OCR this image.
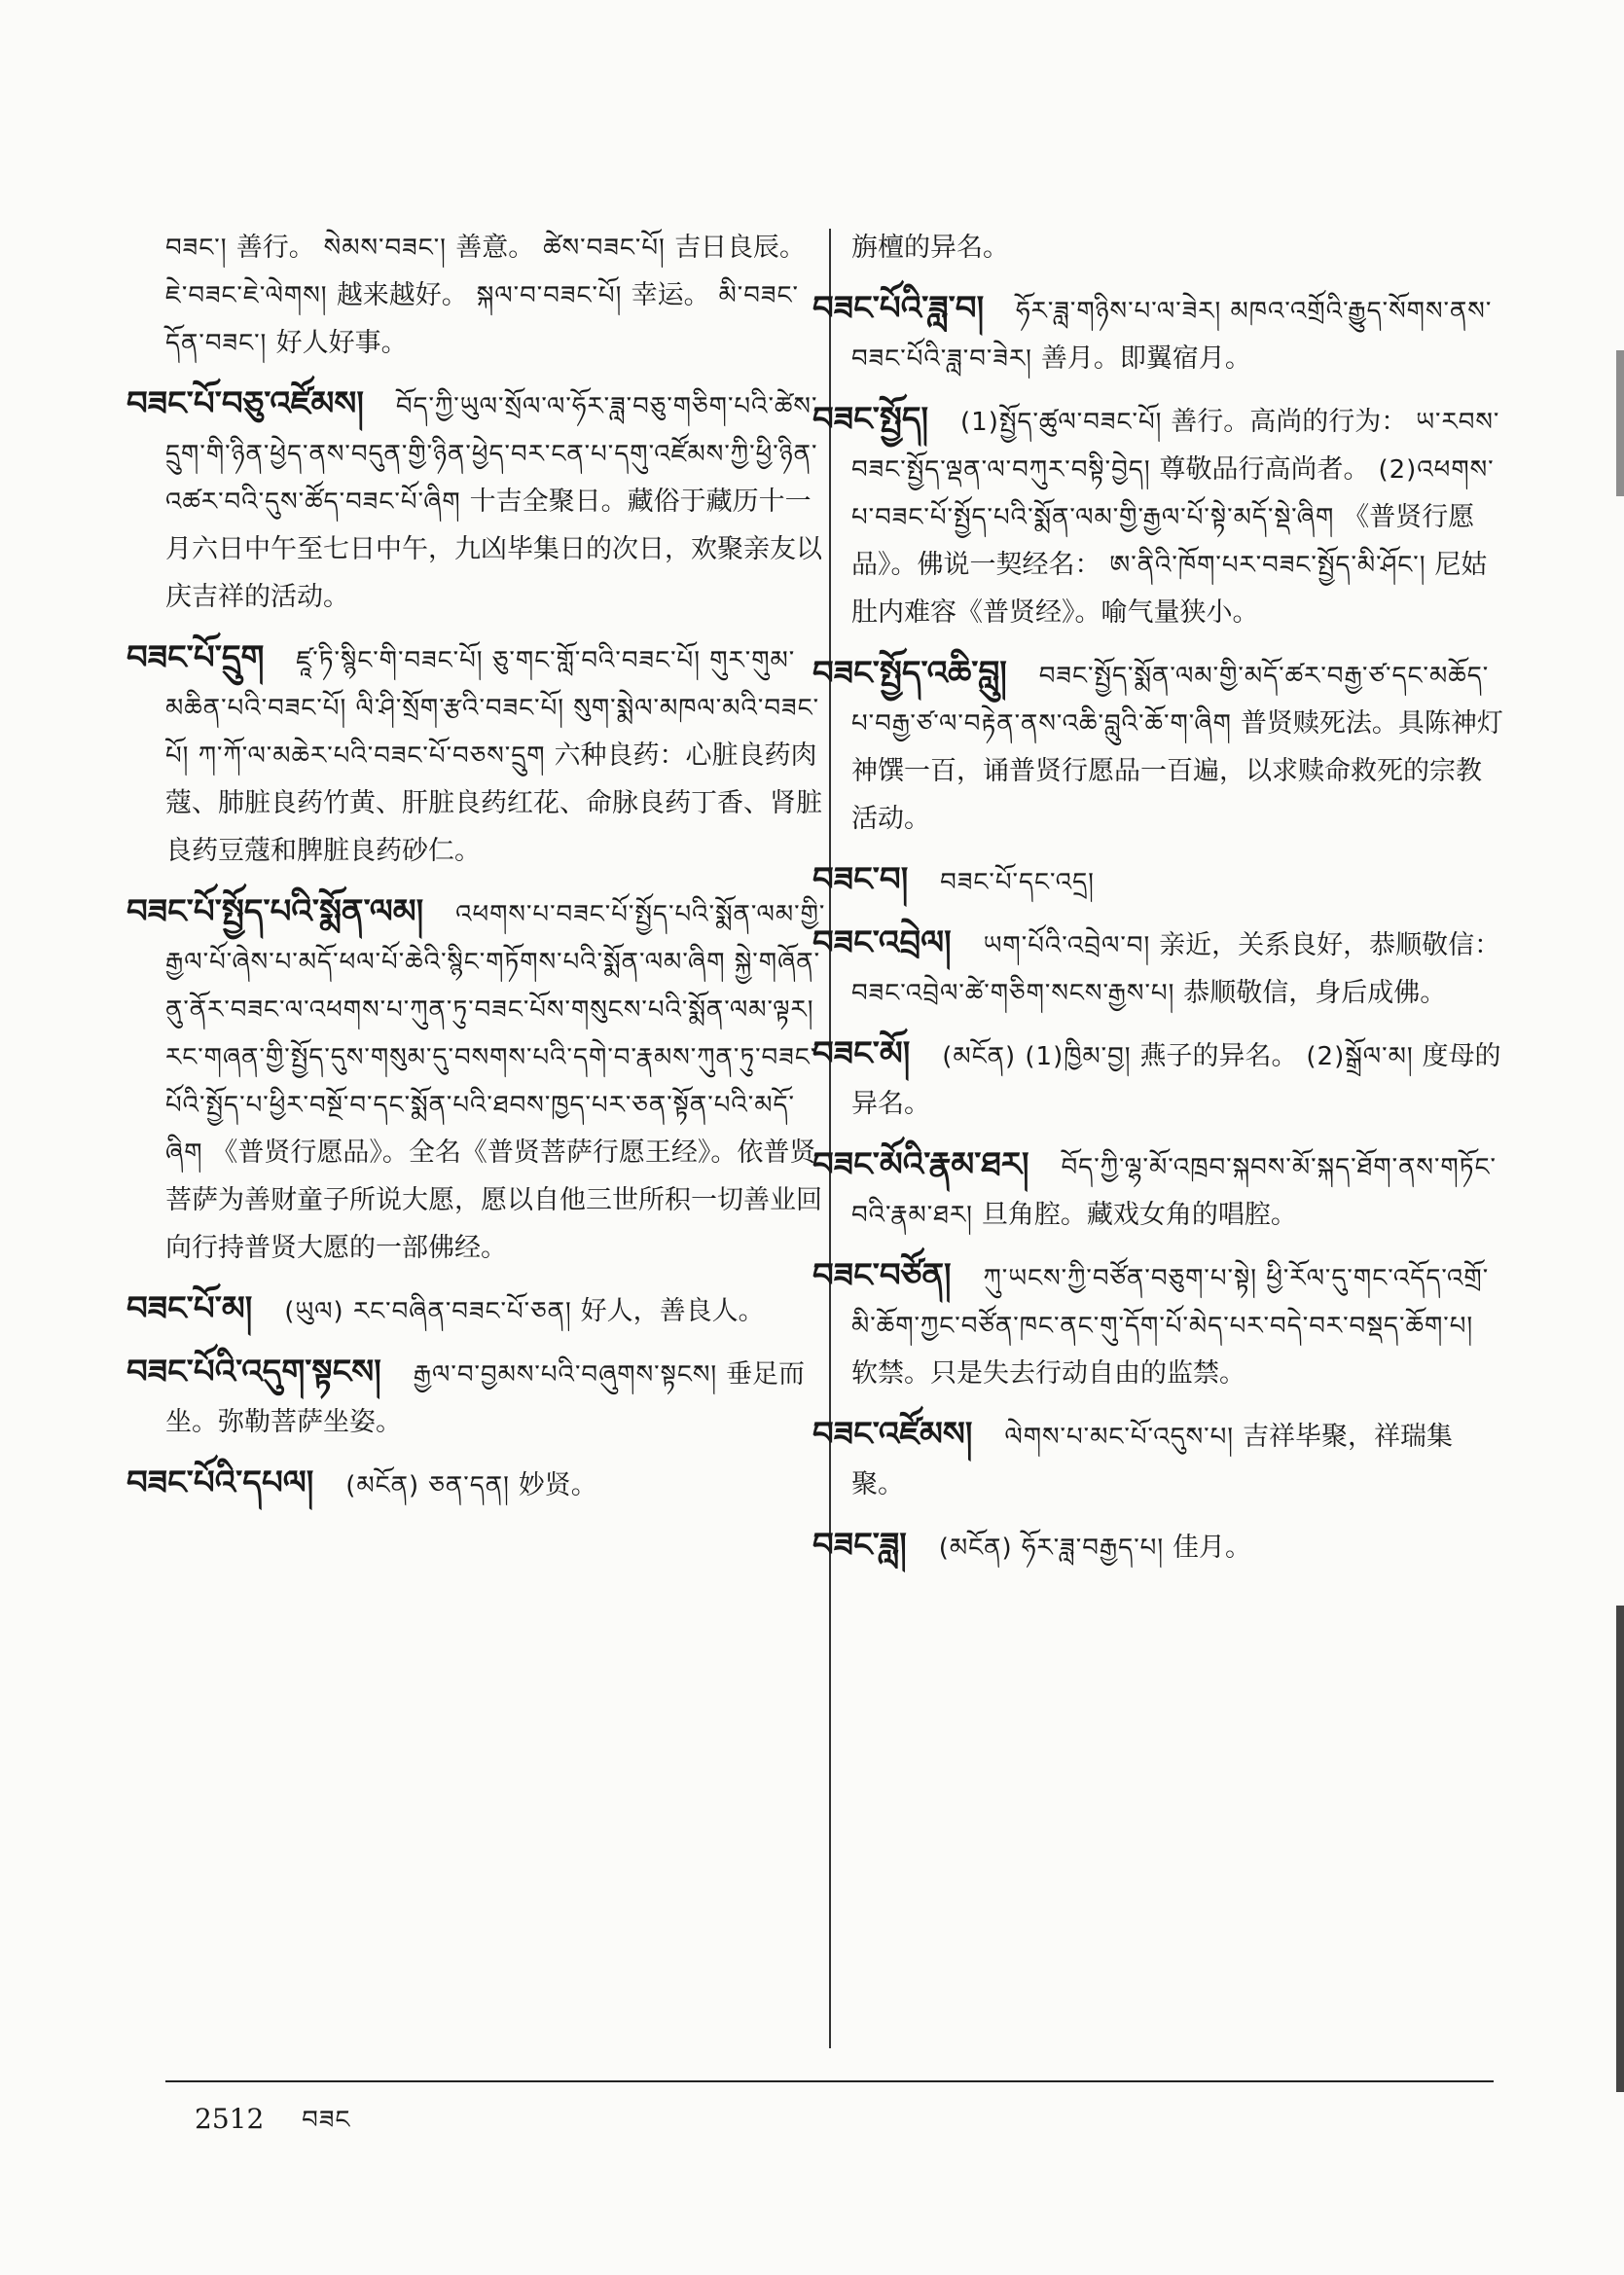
བཟང་། 善行。 སེམས་བཟང་། 善意。 ཚེས་བཟང་པོ། 吉日良辰。 ཇེ་བཟང་ཇེ་ལེགས། 越来越好。 སྐལ་བ་བཟང་པོ། 幸运。 མི་བཟང་དོན་བཟང་། 好人好事。
བཟང་པོ་བཅུ་འཛོམས། བོད་ཀྱི་ཡུལ་སྲོལ་ལ་ཧོར་ཟླ་བཅུ་གཅིག་པའི་ཚེས་དྲུག་གི་ཉིན་ཕྱེད་ནས་བདུན་གྱི་ཉིན་ཕྱེད་བར་ངན་པ་དགུ་འཛོམས་ཀྱི་ཕྱི་ཉིན་འཚར་བའི་དུས་ཚོད་བཟང་པོ་ཞིག 十吉全聚日。藏俗于藏历十一月六日中午至七日中午，九凶毕集日的次日，欢聚亲友以庆吉祥的活动。
བཟང་པོ་དྲུག ཛཱ་ཏི་སྙིང་གི་བཟང་པོ། ཅུ་གང་གློ་བའི་བཟང་པོ། གུར་གུམ་མཆིན་པའི་བཟང་པོ། ལི་ཤི་སྲོག་རྩའི་བཟང་པོ། སུག་སྨེལ་མཁལ་མའི་བཟང་པོ། ཀ་ཀོ་ལ་མཆེར་པའི་བཟང་པོ་བཅས་དྲུག 六种良药：心脏良药肉蔻、肺脏良药竹黄、肝脏良药红花、命脉良药丁香、肾脏良药豆蔻和脾脏良药砂仁。
བཟང་པོ་སྤྱོད་པའི་སྨོན་ལམ། འཕགས་པ་བཟང་པོ་སྤྱོད་པའི་སྨོན་ལམ་གྱི་རྒྱལ་པོ་ཞེས་པ་མདོ་ཕལ་པོ་ཆེའི་སྙིང་གཏོགས་པའི་སྨོན་ལམ་ཞིག སྐྱེ་གཞོན་ནུ་ནོར་བཟང་ལ་འཕགས་པ་ཀུན་ཏུ་བཟང་པོས་གསུངས་པའི་སྨོན་ལམ་ལྟར། རང་གཞན་གྱི་སྤྱོད་དུས་གསུམ་དུ་བསགས་པའི་དགེ་བ་རྣམས་ཀུན་ཏུ་བཟང་པོའི་སྤྱོད་པ་ཕྱིར་བསྔོ་བ་དང་སྨོན་པའི་ཐབས་ཁྱད་པར་ཅན་སྟོན་པའི་མདོ་ཞིག 《普贤行愿品》。全名《普贤菩萨行愿王经》。依普贤菩萨为善财童子所说大愿，愿以自他三世所积一切善业回向行持普贤大愿的一部佛经。
བཟང་པོ་མ། (ཡུལ) རང་བཞིན་བཟང་པོ་ཅན། 好人，善良人。
བཟང་པོའི་འདུག་སྟངས། རྒྱལ་བ་བྱམས་པའི་བཞུགས་སྟངས། 垂足而坐。弥勒菩萨坐姿。
བཟང་པོའི་དཔལ། (མངོན) ཅན་དན། 妙贤。
旃檀的异名。
བཟང་པོའི་ཟླ་བ། ཧོར་ཟླ་གཉིས་པ་ལ་ཟེར། མཁའ་འགྲོའི་རྒྱུད་སོགས་ནས་བཟང་པོའི་ཟླ་བ་ཟེར། 善月。即翼宿月。
བཟང་སྤྱོད། (1)སྤྱོད་ཚུལ་བཟང་པོ། 善行。高尚的行为： ཡ་རབས་བཟང་སྤྱོད་ལྡན་ལ་བཀུར་བསྟི་བྱེད། 尊敬品行高尚者。 (2)འཕགས་པ་བཟང་པོ་སྤྱོད་པའི་སྨོན་ལམ་གྱི་རྒྱལ་པོ་སྟེ་མདོ་སྡེ་ཞིག 《普贤行愿品》。佛说一契经名： ཨ་ནིའི་ཁོག་པར་བཟང་སྤྱོད་མི་ཤོང་། 尼姑肚内难容《普贤经》。喻气量狭小。
བཟང་སྤྱོད་འཆི་བླུ། བཟང་སྤྱོད་སྨོན་ལམ་གྱི་མདོ་ཚར་བརྒྱ་ཙ་དང་མཆོད་པ་བརྒྱ་ཙ་ལ་བརྟེན་ནས་འཆི་བླུའི་ཆོ་ག་ཞིག 普贤赎死法。具陈神灯神馔一百，诵普贤行愿品一百遍，以求赎命救死的宗教活动。
བཟང་བ། བཟང་པོ་དང་འདྲ།
བཟང་འབྲེལ། ཡག་པོའི་འབྲེལ་བ། 亲近，关系良好，恭顺敬信： བཟང་འབྲེལ་ཚེ་གཅིག་སངས་རྒྱས་པ། 恭顺敬信，身后成佛。
བཟང་མོ། (མངོན) (1)ཁྱིམ་བྱ། 燕子的异名。 (2)སྒྲོལ་མ། 度母的异名。
བཟང་མོའི་རྣམ་ཐར། བོད་ཀྱི་ལྷ་མོ་འཁྲབ་སྐབས་མོ་སྐད་ཐོག་ནས་གཏོང་བའི་རྣམ་ཐར། 旦角腔。藏戏女角的唱腔。
བཟང་བཙོན། ཀུ་ཡངས་ཀྱི་བཙོན་བཅུག་པ་སྟེ། ཕྱི་རོལ་དུ་གང་འདོད་འགྲོ་མི་ཆོག་ཀྱང་བཙོན་ཁང་ནང་གུ་དོག་པོ་མེད་པར་བདེ་བར་བསྡད་ཆོག་པ། 软禁。只是失去行动自由的监禁。
བཟང་འཛོམས། ལེགས་པ་མང་པོ་འདུས་པ། 吉祥毕聚，祥瑞集聚。
བཟང་ཟླ། (མངོན) ཧོར་ཟླ་བརྒྱད་པ། 佳月。
2512 བཟང
